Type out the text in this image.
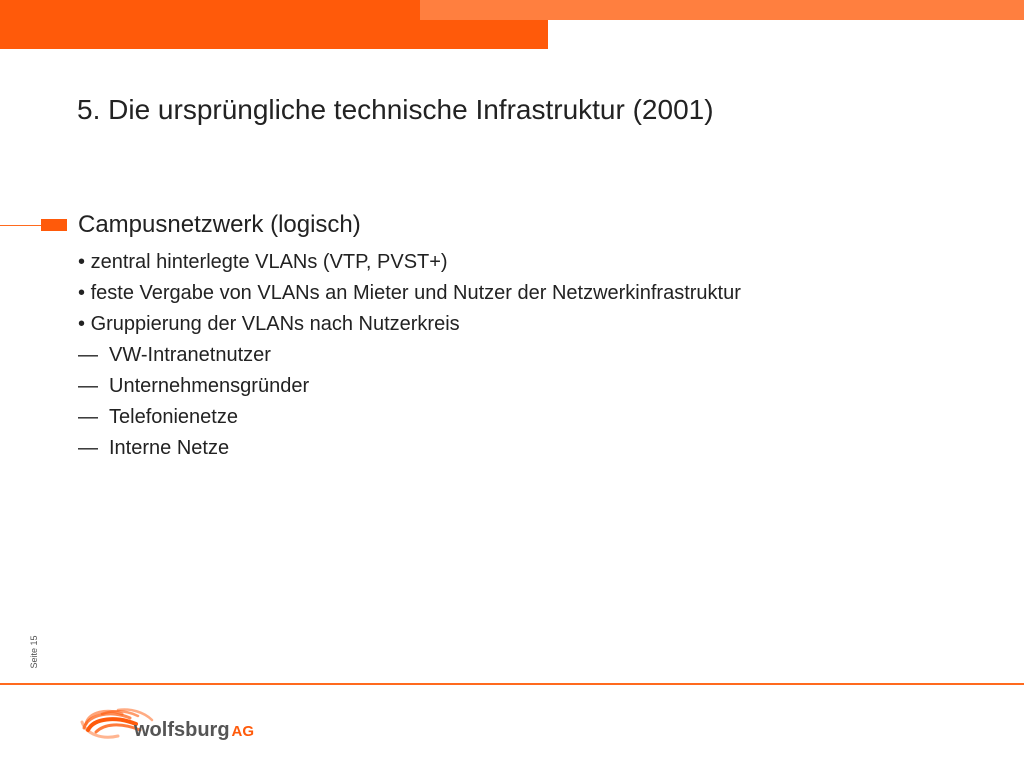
5. Die ursprüngliche technische Infrastruktur (2001)
Campusnetzwerk (logisch)
• zentral hinterlegte VLANs (VTP, PVST+)
• feste Vergabe von VLANs an Mieter und Nutzer der Netzwerkinfrastruktur
• Gruppierung der VLANs nach Nutzerkreis
— VW-Intranetnutzer
— Unternehmensgründer
— Telefonienetze
— Interne Netze
Seite 15
wolfsburg AG
